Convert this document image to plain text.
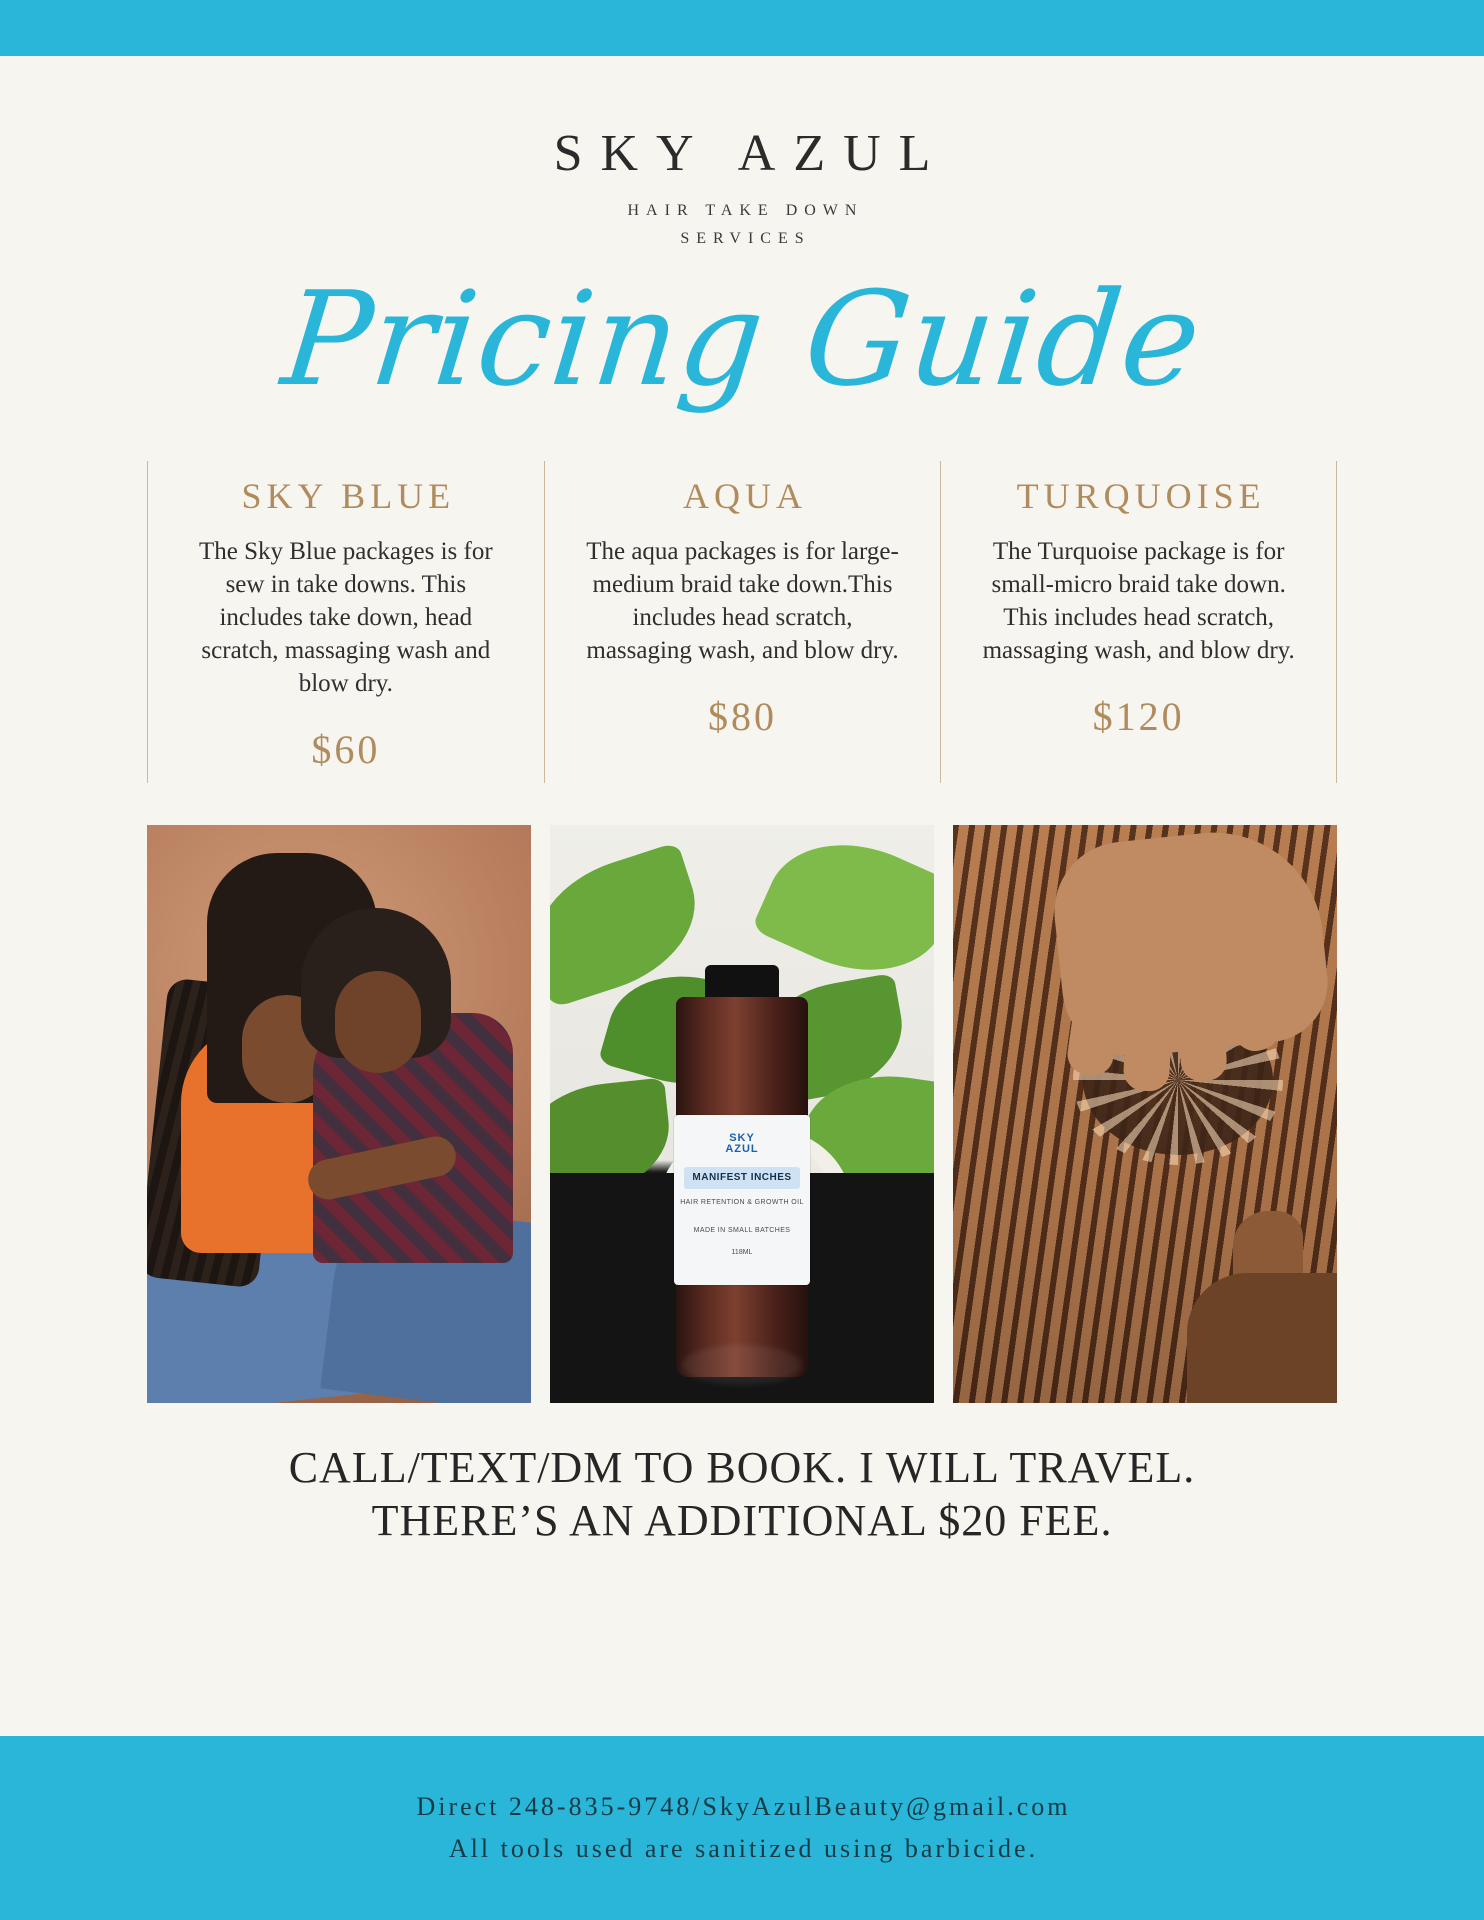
SKY AZUL
HAIR TAKE DOWN
SERVICES
Pricing Guide
SKY BLUE
The Sky Blue packages is for sew in take downs. This includes take down, head scratch, massaging wash and blow dry.
$60
AQUA
The aqua packages is for large-medium braid take down.This includes head scratch, massaging wash, and blow dry.
$80
TURQUOISE
The Turquoise package is for small-micro braid take down. This includes head scratch, massaging wash, and blow dry.
$120
SKY
AZUL
MANIFEST INCHES
HAIR RETENTION & GROWTH OIL
MADE IN SMALL BATCHES
118ML
CALL/TEXT/DM TO BOOK. I WILL TRAVEL.
THERE’S AN ADDITIONAL $20 FEE.
Direct 248-835-9748/SkyAzulBeauty@gmail.com
All tools used are sanitized using barbicide.
